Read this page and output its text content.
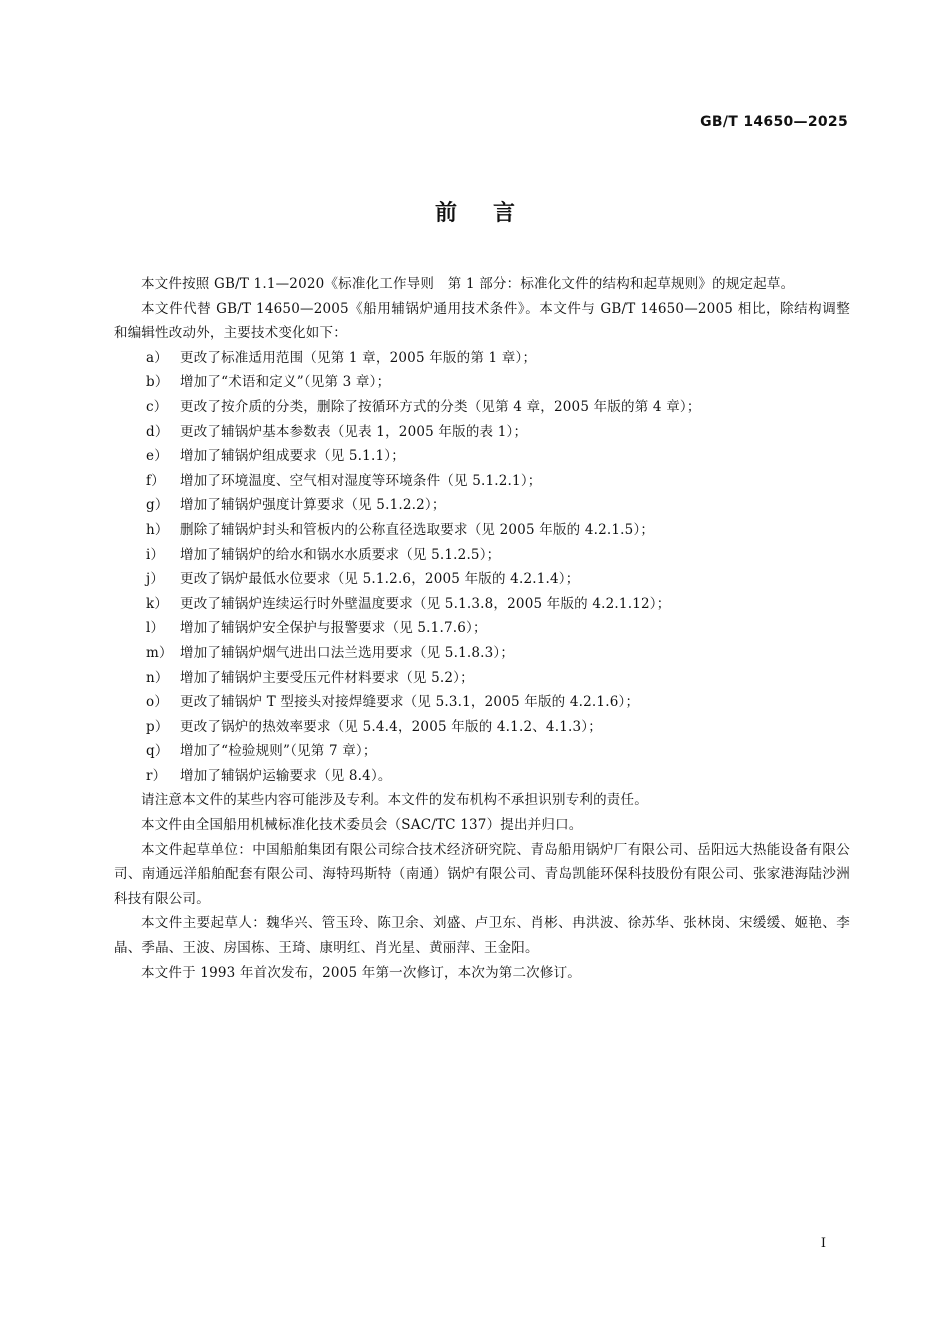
GB/T 14650—2025
前言

本文件按照 GB/T 1.1—2020《标准化工作导则　第 1 部分：标准化文件的结构和起草规则》的规定起草。

本文件代替 GB/T 14650—2005《船用辅锅炉通用技术条件》。本文件与 GB/T 14650—2005 相比，除结构调整和编辑性改动外，主要技术变化如下：

a） 更改了标准适用范围（见第 1 章，2005 年版的第 1 章）；

b） 增加了“术语和定义”（见第 3 章）；

c） 更改了按介质的分类，删除了按循环方式的分类（见第 4 章，2005 年版的第 4 章）；

d） 更改了辅锅炉基本参数表（见表 1，2005 年版的表 1）；

e） 增加了辅锅炉组成要求（见 5.1.1）；

f） 增加了环境温度、空气相对湿度等环境条件（见 5.1.2.1）；

g） 增加了辅锅炉强度计算要求（见 5.1.2.2）；

h） 删除了辅锅炉封头和管板内的公称直径选取要求（见 2005 年版的 4.2.1.5）；

i） 增加了辅锅炉的给水和锅水水质要求（见 5.1.2.5）；

j） 更改了锅炉最低水位要求（见 5.1.2.6，2005 年版的 4.2.1.4）；

k） 更改了辅锅炉连续运行时外壁温度要求（见 5.1.3.8，2005 年版的 4.2.1.12）；

l） 增加了辅锅炉安全保护与报警要求（见 5.1.7.6）；

m） 增加了辅锅炉烟气进出口法兰选用要求（见 5.1.8.3）；

n） 增加了辅锅炉主要受压元件材料要求（见 5.2）；

o） 更改了辅锅炉 T 型接头对接焊缝要求（见 5.3.1，2005 年版的 4.2.1.6）；

p） 更改了锅炉的热效率要求（见 5.4.4，2005 年版的 4.1.2、4.1.3）；

q） 增加了“检验规则”（见第 7 章）；

r） 增加了辅锅炉运输要求（见 8.4）。

请注意本文件的某些内容可能涉及专利。本文件的发布机构不承担识别专利的责任。

本文件由全国船用机械标准化技术委员会（SAC/TC 137）提出并归口。

本文件起草单位：中国船舶集团有限公司综合技术经济研究院、青岛船用锅炉厂有限公司、岳阳远大热能设备有限公司、南通远洋船舶配套有限公司、海特玛斯特（南通）锅炉有限公司、青岛凯能环保科技股份有限公司、张家港海陆沙洲科技有限公司。

本文件主要起草人：魏华兴、管玉玲、陈卫余、刘盛、卢卫东、肖彬、冉洪波、徐苏华、张林岗、宋缓缓、姬艳、李晶、季晶、王波、房国栋、王琦、康明红、肖光星、黄丽萍、王金阳。

本文件于 1993 年首次发布，2005 年第一次修订，本次为第二次修订。

I
